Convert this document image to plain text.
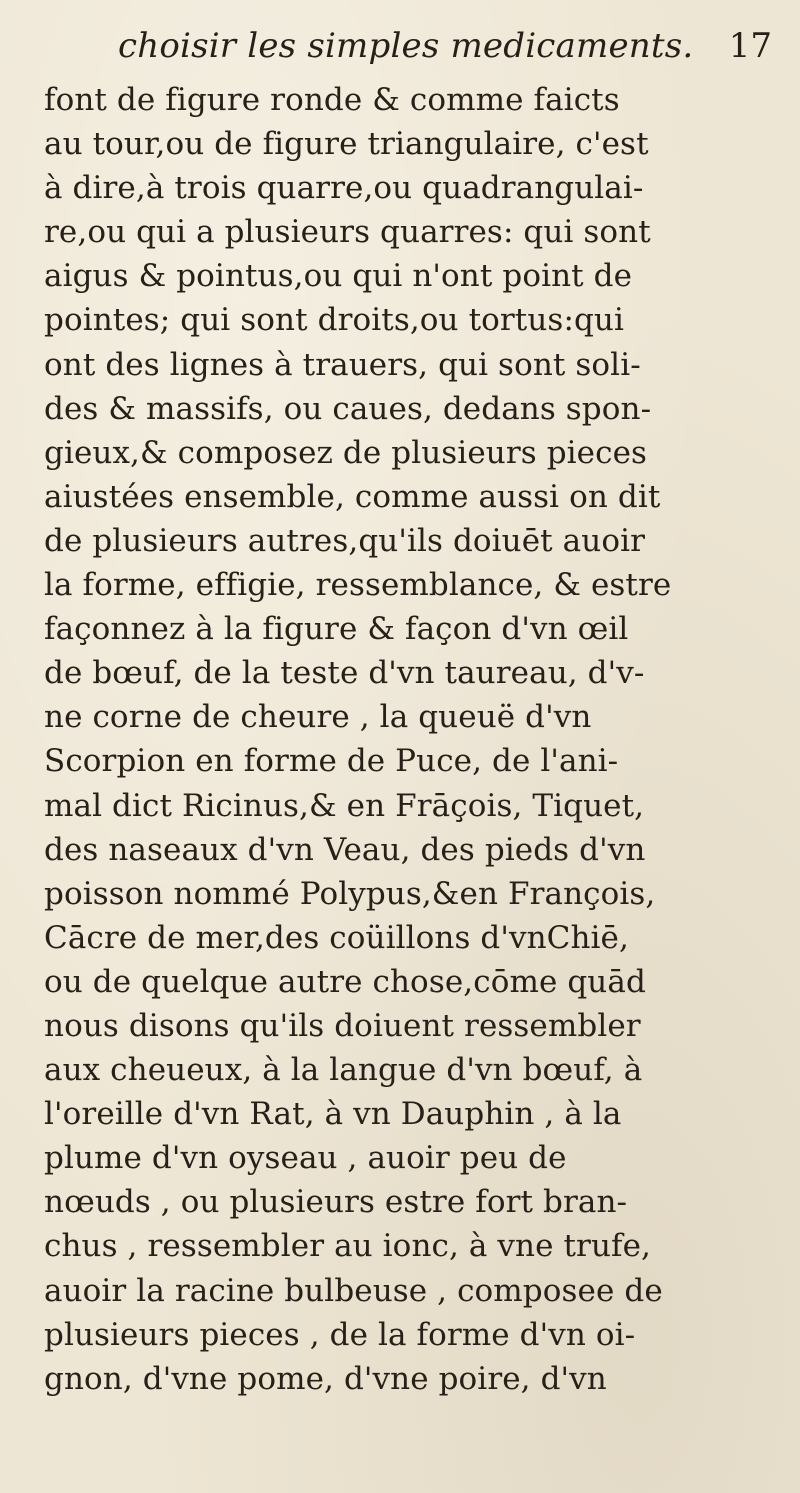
choisir les simples medicaments.	17
font de figure ronde & comme faicts
au tour,ou de figure triangulaire, c'est
à dire,à trois quarre,ou quadrangulai-
re,ou qui a plusieurs quarres: qui sont
aigus & pointus,ou qui n'ont point de
pointes; qui sont droits,ou tortus:qui
ont des lignes à trauers, qui sont soli-
des & massifs, ou caues, dedans spon-
gieux,& composez de plusieurs pieces
aiustées ensemble, comme aussi on dit
de plusieurs autres,qu'ils doiuēt auoir
la forme, effigie, ressemblance, & estre
façonnez à la figure & façon d'vn œil
de bœuf, de la teste d'vn taureau, d'v-
ne corne de cheure , la queuë d'vn
Scorpion en forme de Puce, de l'ani-
mal dict Ricinus,& en Frāçois, Tiquet,
des naseaux d'vn Veau, des pieds d'vn
poisson nommé Polypus,&en François,
Cācre de mer,des coüillons d'vnChiē,
ou de quelque autre chose,cōme quād
nous disons qu'ils doiuent ressembler
aux cheueux, à la langue d'vn bœuf, à
l'oreille d'vn Rat, à vn Dauphin , à la
plume d'vn oyseau , auoir peu de
nœuds , ou plusieurs estre fort bran-
chus , ressembler au ionc, à vne trufe,
auoir la racine bulbeuse , composee de
plusieurs pieces , de la forme d'vn oi-
gnon, d'vne pome, d'vne poire, d'vn
